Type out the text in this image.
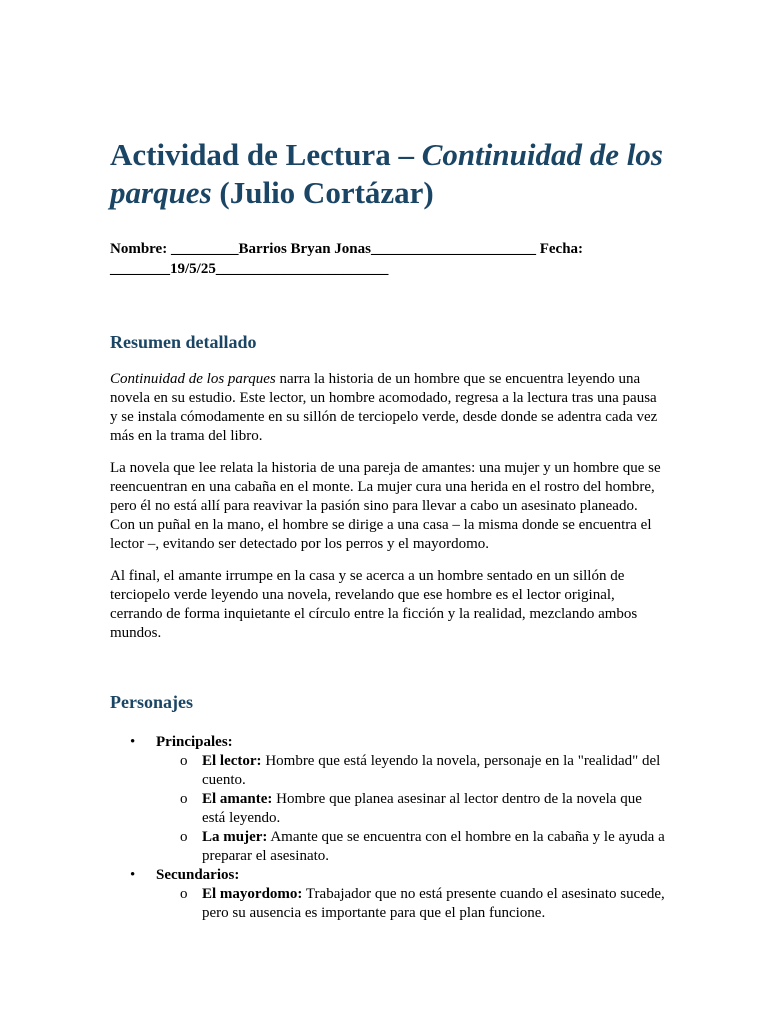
Actividad de Lectura – Continuidad de los parques (Julio Cortázar)
Nombre: _________Barrios Bryan Jonas______________________ Fecha:
________19/5/25_______________________
Resumen detallado

Continuidad de los parques narra la historia de un hombre que se encuentra leyendo una novela en su estudio. Este lector, un hombre acomodado, regresa a la lectura tras una pausa y se instala cómodamente en su sillón de terciopelo verde, desde donde se adentra cada vez más en la trama del libro.

La novela que lee relata la historia de una pareja de amantes: una mujer y un hombre que se reencuentran en una cabaña en el monte. La mujer cura una herida en el rostro del hombre, pero él no está allí para reavivar la pasión sino para llevar a cabo un asesinato planeado. Con un puñal en la mano, el hombre se dirige a una casa – la misma donde se encuentra el lector –, evitando ser detectado por los perros y el mayordomo.

Al final, el amante irrumpe en la casa y se acerca a un hombre sentado en un sillón de terciopelo verde leyendo una novela, revelando que ese hombre es el lector original, cerrando de forma inquietante el círculo entre la ficción y la realidad, mezclando ambos mundos.

Personajes
• Principales:
o El lector: Hombre que está leyendo la novela, personaje en la "realidad" del cuento.
o El amante: Hombre que planea asesinar al lector dentro de la novela que está leyendo.
o La mujer: Amante que se encuentra con el hombre en la cabaña y le ayuda a preparar el asesinato.
• Secundarios:
o El mayordomo: Trabajador que no está presente cuando el asesinato sucede, pero su ausencia es importante para que el plan funcione.
